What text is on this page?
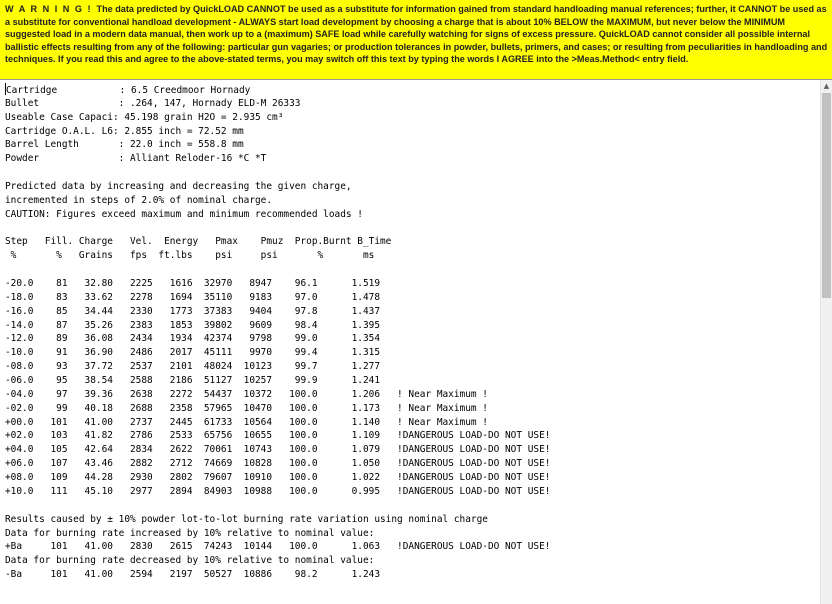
W A R N I N G ! The data predicted by QuickLOAD CANNOT be used as a substitute for information gained from standard handloading manual references; further, it CANNOT be used as a substitute for conventional handload development - ALWAYS start load development by choosing a charge that is about 10% BELOW the MAXIMUM, but never below the MINIMUM suggested load in a modern data manual, then work up to a (maximum) SAFE load while carefully watching for signs of excess pressure. QuickLOAD cannot consider all possible internal ballistic effects resulting from any of the following: particular gun vagaries; or production tolerances in powder, bullets, primers, and cases; or resulting from peculiarities in handloading and techniques. If you read this and agree to the above-stated terms, you may switch off this text by typing the words I AGREE into the >Meas.Method< entry field.
Cartridge           : 6.5 Creedmoor Hornady
Bullet              : .264, 147, Hornady ELD-M 26333
Useable Case Capaci: 45.198 grain H2O = 2.935 cm³
Cartridge O.A.L. L6: 2.855 inch = 72.52 mm
Barrel Length       : 22.0 inch = 558.8 mm
Powder              : Alliant Reloder-16 *C *T

Predicted data by increasing and decreasing the given charge,
incremented in steps of 2.0% of nominal charge.
CAUTION: Figures exceed maximum and minimum recommended loads !

Step   Fill. Charge   Vel.  Energy   Pmax    Pmuz  Prop.Burnt B_Time
%       %   Grains   fps  ft.lbs    psi     psi       %       ms

-20.0    81   32.80   2225   1616  32970   8947    96.1      1.519
-18.0    83   33.62   2278   1694  35110   9183    97.0      1.478
-16.0    85   34.44   2330   1773  37383   9404    97.8      1.437
-14.0    87   35.26   2383   1853  39802   9609    98.4      1.395
-12.0    89   36.08   2434   1934  42374   9798    99.0      1.354
-10.0    91   36.90   2486   2017  45111   9970    99.4      1.315
-08.0    93   37.72   2537   2101  48024  10123    99.7      1.277
-06.0    95   38.54   2588   2186  51127  10257    99.9      1.241
-04.0    97   39.36   2638   2272  54437  10372   100.0      1.206   ! Near Maximum !
-02.0    99   40.18   2688   2358  57965  10470   100.0      1.173   ! Near Maximum !
+00.0   101   41.00   2737   2445  61733  10564   100.0      1.140   ! Near Maximum !
+02.0   103   41.82   2786   2533  65756  10655   100.0      1.109   !DANGEROUS LOAD-DO NOT USE!
+04.0   105   42.64   2834   2622  70061  10743   100.0      1.079   !DANGEROUS LOAD-DO NOT USE!
+06.0   107   43.46   2882   2712  74669  10828   100.0      1.050   !DANGEROUS LOAD-DO NOT USE!
+08.0   109   44.28   2930   2802  79607  10910   100.0      1.022   !DANGEROUS LOAD-DO NOT USE!
+10.0   111   45.10   2977   2894  84903  10988   100.0      0.995   !DANGEROUS LOAD-DO NOT USE!

Results caused by ± 10% powder lot-to-lot burning rate variation using nominal charge
Data for burning rate increased by 10% relative to nominal value:
+Ba     101   41.00   2830   2615  74243  10144   100.0      1.063   !DANGEROUS LOAD-DO NOT USE!
Data for burning rate decreased by 10% relative to nominal value:
-Ba     101   41.00   2594   2197  50527  10886    98.2      1.243
▲
